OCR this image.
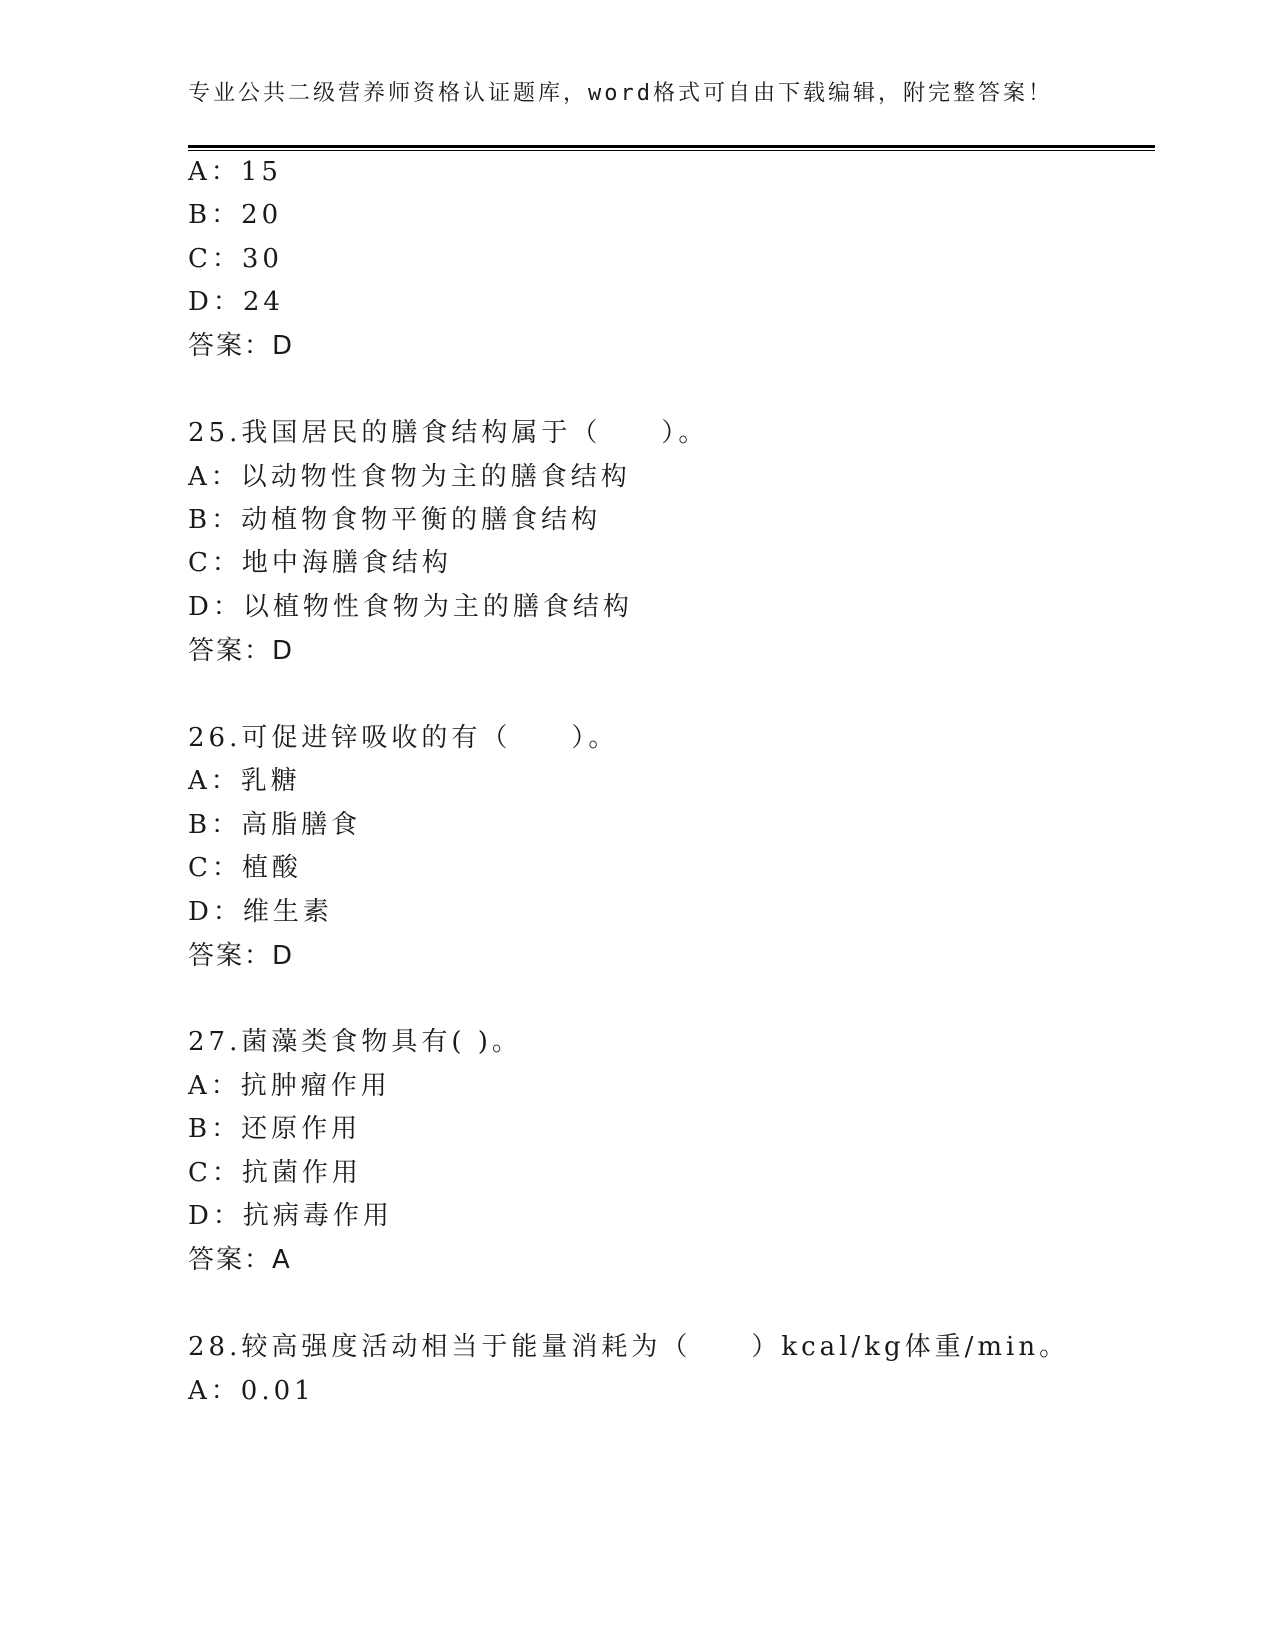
专业公共二级营养师资格认证题库，word格式可自由下载编辑，附完整答案！
A：15
B：20
C：30
D：24
答案：D
25.我国居民的膳食结构属于（　　）。
A：以动物性食物为主的膳食结构
B：动植物食物平衡的膳食结构
C：地中海膳食结构
D：以植物性食物为主的膳食结构
答案：D
26.可促进锌吸收的有（　　）。
A：乳糖
B：高脂膳食
C：植酸
D：维生素
答案：D
27.菌藻类食物具有( )。
A：抗肿瘤作用
B：还原作用
C：抗菌作用
D：抗病毒作用
答案：A
28.较高强度活动相当于能量消耗为（　　）kcal/kg体重/min。
A：0.01
